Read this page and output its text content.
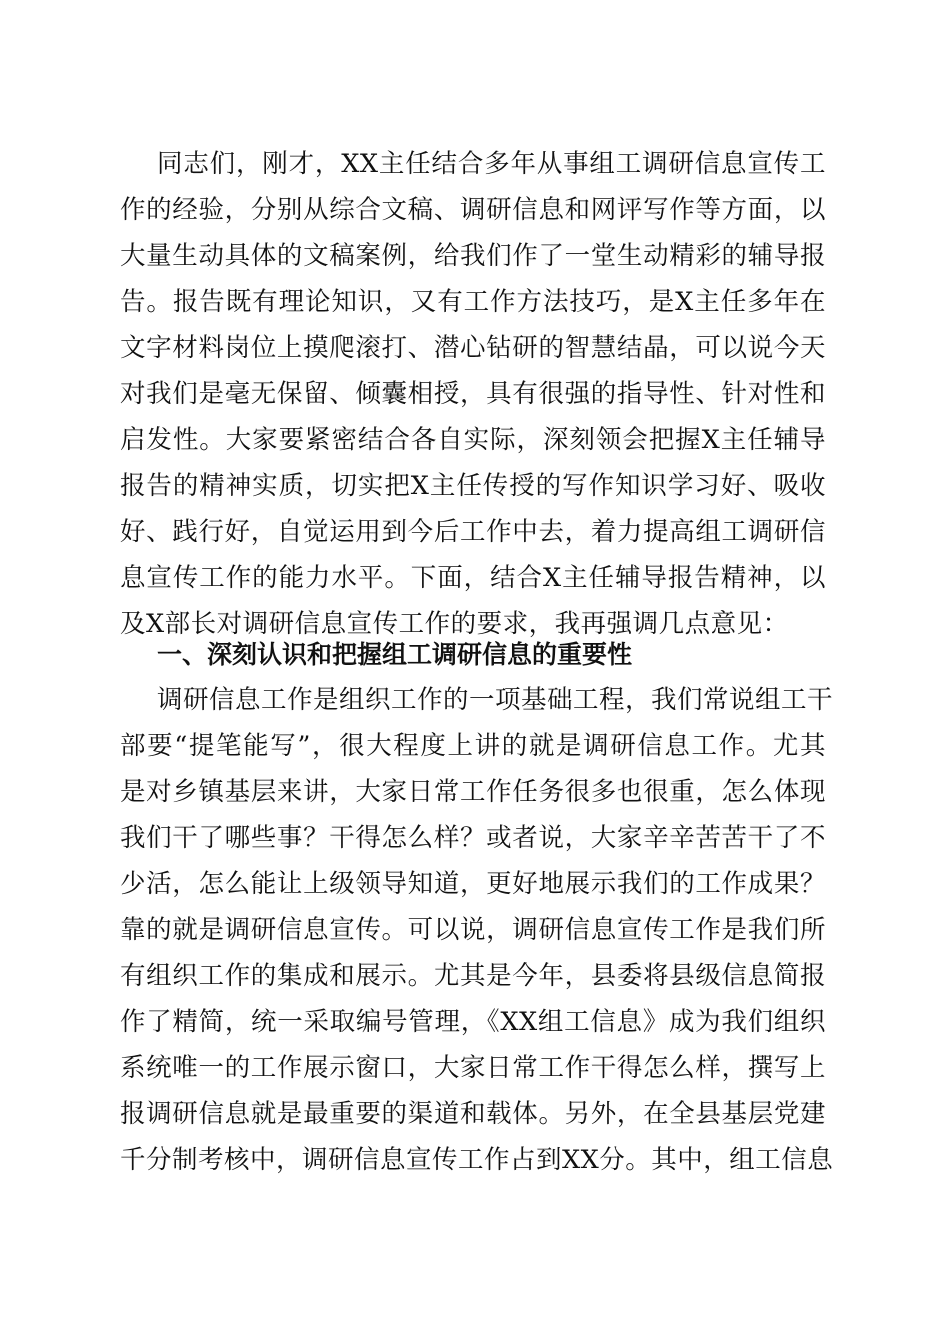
同志们，刚才，XX主任结合多年从事组工调研信息宣传工
作的经验，分别从综合文稿、调研信息和网评写作等方面，以
大量生动具体的文稿案例，给我们作了一堂生动精彩的辅导报
告。报告既有理论知识，又有工作方法技巧，是X主任多年在
文字材料岗位上摸爬滚打、潜心钻研的智慧结晶，可以说今天
对我们是毫无保留、倾囊相授，具有很强的指导性、针对性和
启发性。大家要紧密结合各自实际，深刻领会把握X主任辅导
报告的精神实质，切实把X主任传授的写作知识学习好、吸收
好、践行好，自觉运用到今后工作中去，着力提高组工调研信
息宣传工作的能力水平。下面，结合X主任辅导报告精神，以
及X部长对调研信息宣传工作的要求，我再强调几点意见：
一、深刻认识和把握组工调研信息的重要性
调研信息工作是组织工作的一项基础工程，我们常说组工干
部要“提笔能写”，很大程度上讲的就是调研信息工作。尤其
是对乡镇基层来讲，大家日常工作任务很多也很重，怎么体现
我们干了哪些事？干得怎么样？或者说，大家辛辛苦苦干了不
少活，怎么能让上级领导知道，更好地展示我们的工作成果？
靠的就是调研信息宣传。可以说，调研信息宣传工作是我们所
有组织工作的集成和展示。尤其是今年，县委将县级信息简报
作了精简，统一采取编号管理，《XX组工信息》成为我们组织
系统唯一的工作展示窗口，大家日常工作干得怎么样，撰写上
报调研信息就是最重要的渠道和载体。另外，在全县基层党建
千分制考核中，调研信息宣传工作占到XX分。其中，组工信息
